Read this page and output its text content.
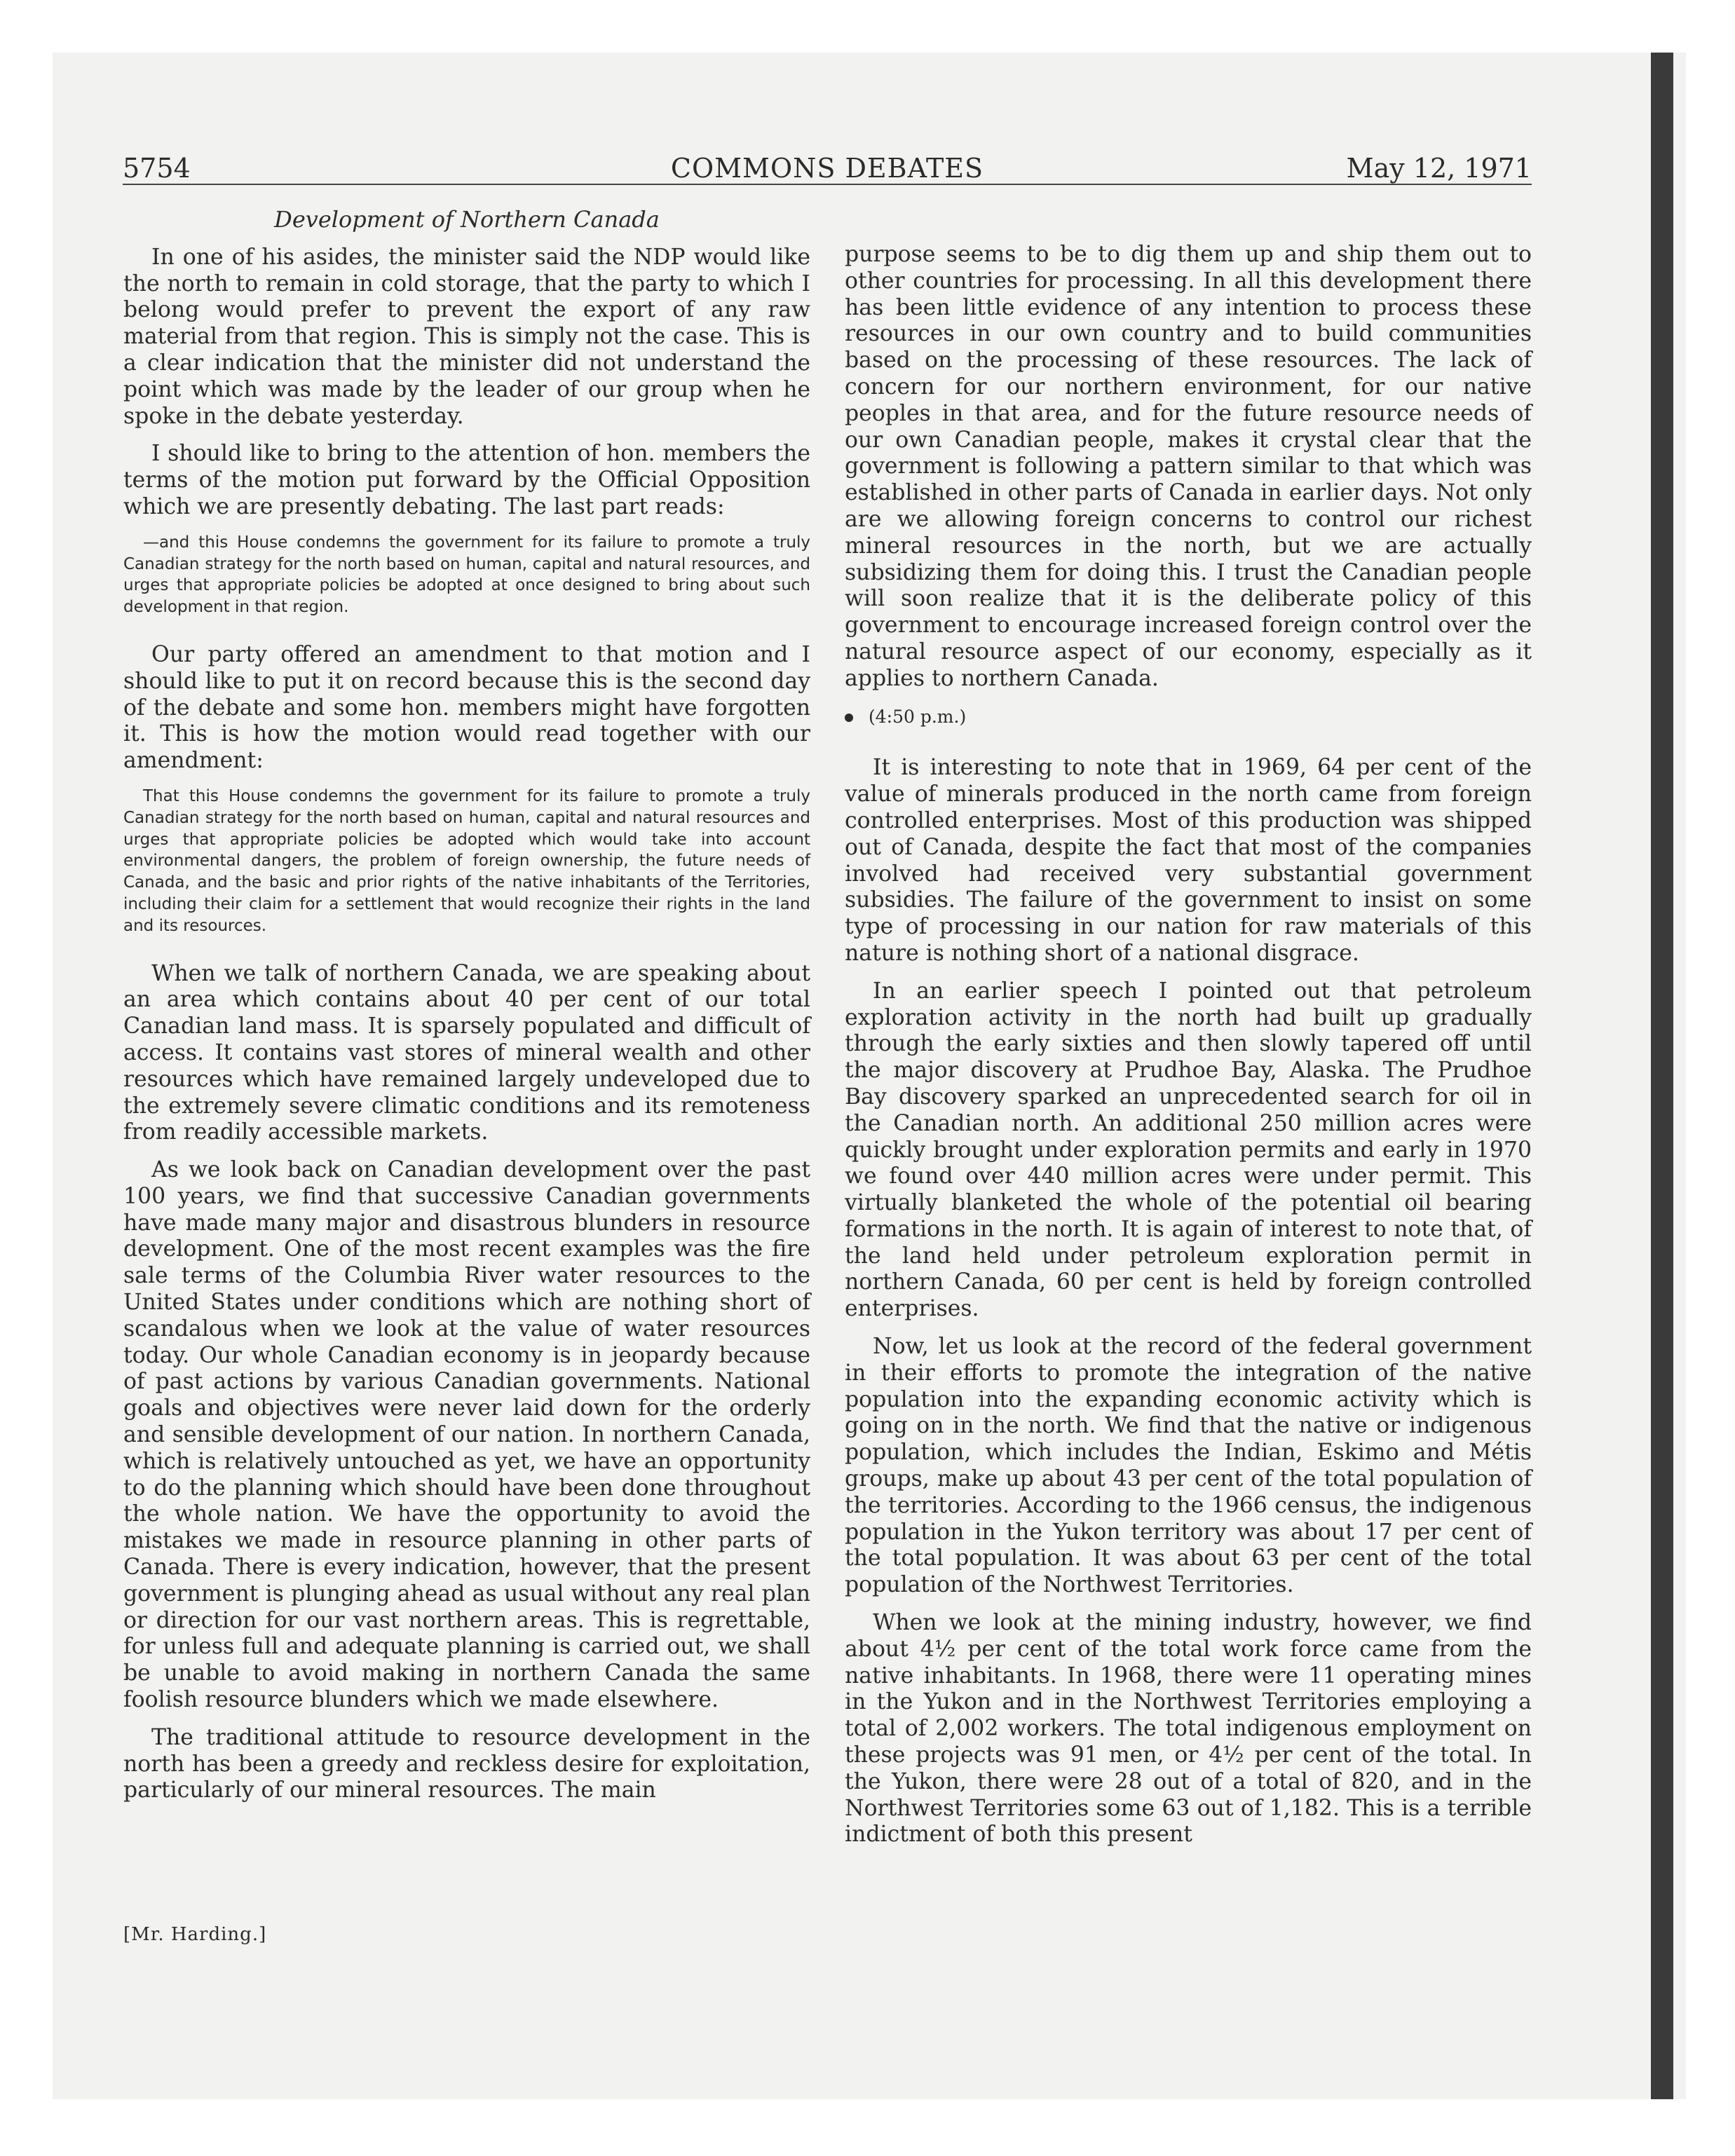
5754	COMMONS DEBATES	May 12, 1971

Development of Northern Canada

In one of his asides, the minister said the NDP would like the north to remain in cold storage, that the party to which I belong would prefer to prevent the export of any raw material from that region. This is simply not the case. This is a clear indication that the minister did not understand the point which was made by the leader of our group when he spoke in the debate yesterday.

I should like to bring to the attention of hon. members the terms of the motion put forward by the Official Opposition which we are presently debating. The last part reads:

—and this House condemns the government for its failure to promote a truly Canadian strategy for the north based on human, capital and natural resources, and urges that appropriate policies be adopted at once designed to bring about such development in that region.

Our party offered an amendment to that motion and I should like to put it on record because this is the second day of the debate and some hon. members might have forgotten it. This is how the motion would read together with our amendment:

That this House condemns the government for its failure to promote a truly Canadian strategy for the north based on human, capital and natural resources and urges that appropriate policies be adopted which would take into account environmental dangers, the problem of foreign ownership, the future needs of Canada, and the basic and prior rights of the native inhabitants of the Territories, including their claim for a settlement that would recognize their rights in the land and its resources.

When we talk of northern Canada, we are speaking about an area which contains about 40 per cent of our total Canadian land mass. It is sparsely populated and difficult of access. It contains vast stores of mineral wealth and other resources which have remained largely undeveloped due to the extremely severe climatic conditions and its remoteness from readily accessible markets.

As we look back on Canadian development over the past 100 years, we find that successive Canadian governments have made many major and disastrous blunders in resource development. One of the most recent examples was the fire sale terms of the Columbia River water resources to the United States under conditions which are nothing short of scandalous when we look at the value of water resources today. Our whole Canadian economy is in jeopardy because of past actions by various Canadian governments. National goals and objectives were never laid down for the orderly and sensible development of our nation. In northern Canada, which is relatively untouched as yet, we have an opportunity to do the planning which should have been done throughout the whole nation. We have the opportunity to avoid the mistakes we made in resource planning in other parts of Canada. There is every indication, however, that the present government is plunging ahead as usual without any real plan or direction for our vast northern areas. This is regrettable, for unless full and adequate planning is carried out, we shall be unable to avoid making in northern Canada the same foolish resource blunders which we made elsewhere.

The traditional attitude to resource development in the north has been a greedy and reckless desire for exploitation, particularly of our mineral resources. The main

purpose seems to be to dig them up and ship them out to other countries for processing. In all this development there has been little evidence of any intention to process these resources in our own country and to build communities based on the processing of these resources. The lack of concern for our northern environment, for our native peoples in that area, and for the future resource needs of our own Canadian people, makes it crystal clear that the government is following a pattern similar to that which was established in other parts of Canada in earlier days. Not only are we allowing foreign concerns to control our richest mineral resources in the north, but we are actually subsidizing them for doing this. I trust the Canadian people will soon realize that it is the deliberate policy of this government to encourage increased foreign control over the natural resource aspect of our economy, especially as it applies to northern Canada.

(4:50 p.m.)

It is interesting to note that in 1969, 64 per cent of the value of minerals produced in the north came from foreign controlled enterprises. Most of this production was shipped out of Canada, despite the fact that most of the companies involved had received very substantial government subsidies. The failure of the government to insist on some type of processing in our nation for raw materials of this nature is nothing short of a national disgrace.

In an earlier speech I pointed out that petroleum exploration activity in the north had built up gradually through the early sixties and then slowly tapered off until the major discovery at Prudhoe Bay, Alaska. The Prudhoe Bay discovery sparked an unprecedented search for oil in the Canadian north. An additional 250 million acres were quickly brought under exploration permits and early in 1970 we found over 440 million acres were under permit. This virtually blanketed the whole of the potential oil bearing formations in the north. It is again of interest to note that, of the land held under petroleum exploration permit in northern Canada, 60 per cent is held by foreign controlled enterprises.

Now, let us look at the record of the federal government in their efforts to promote the integration of the native population into the expanding economic activity which is going on in the north. We find that the native or indigenous population, which includes the Indian, Eskimo and Métis groups, make up about 43 per cent of the total population of the territories. According to the 1966 census, the indigenous population in the Yukon territory was about 17 per cent of the total population. It was about 63 per cent of the total population of the Northwest Territories.

When we look at the mining industry, however, we find about 4½ per cent of the total work force came from the native inhabitants. In 1968, there were 11 operating mines in the Yukon and in the Northwest Territories employing a total of 2,002 workers. The total indigenous employment on these projects was 91 men, or 4½ per cent of the total. In the Yukon, there were 28 out of a total of 820, and in the Northwest Territories some 63 out of 1,182. This is a terrible indictment of both this present

[Mr. Harding.]
